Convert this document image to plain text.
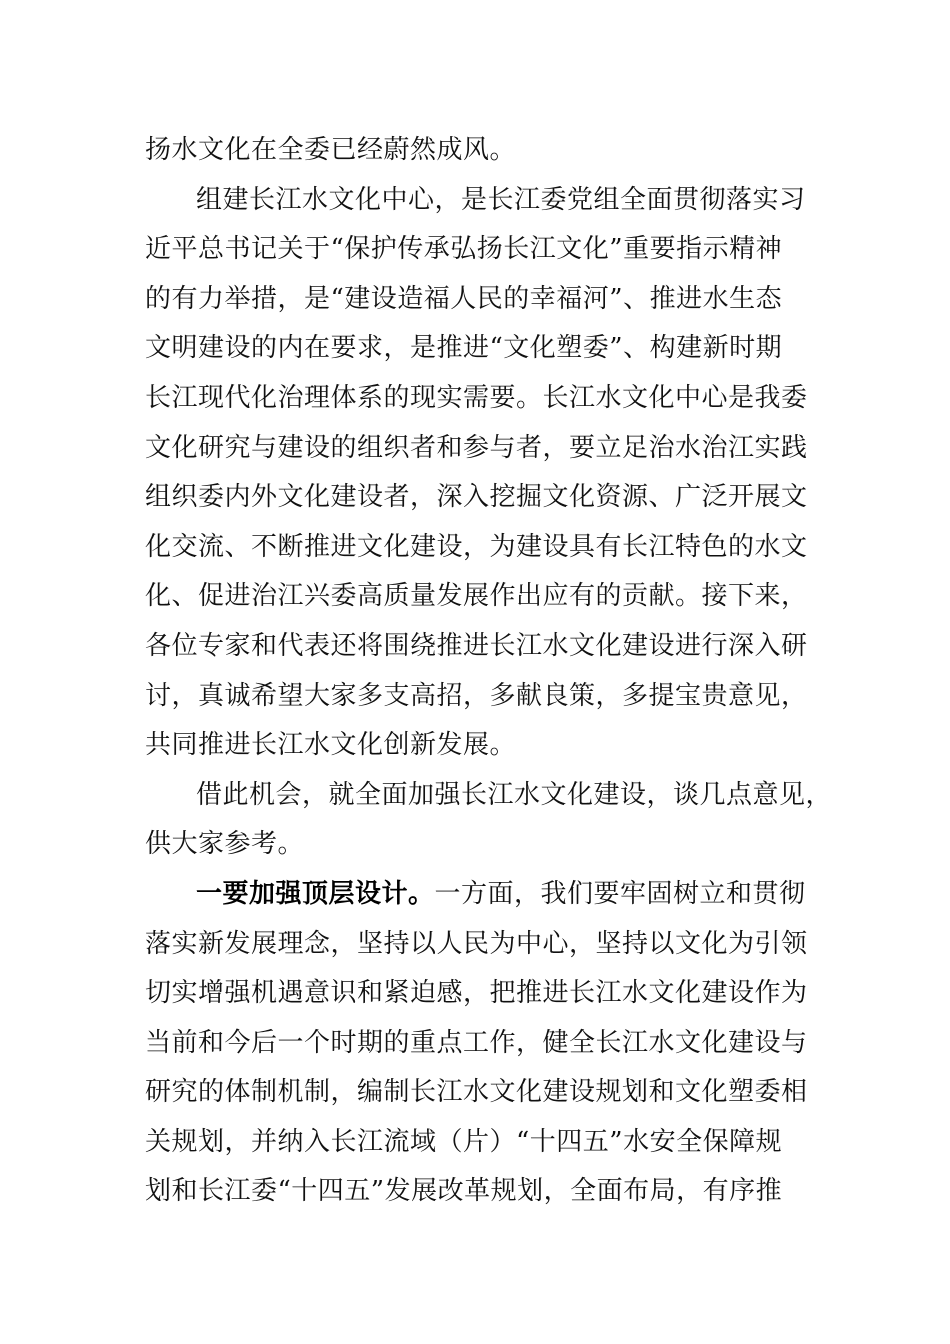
扬水文化在全委已经蔚然成风。
组建长江水文化中心，是长江委党组全面贯彻落实习
近平总书记关于“保护传承弘扬长江文化”重要指示精神
的有力举措，是“建设造福人民的幸福河”、推进水生态
文明建设的内在要求，是推进“文化塑委”、构建新时期
长江现代化治理体系的现实需要。长江水文化中心是我委
文化研究与建设的组织者和参与者，要立足治水治江实践
组织委内外文化建设者，深入挖掘文化资源、广泛开展文
化交流、不断推进文化建设，为建设具有长江特色的水文
化、促进治江兴委高质量发展作出应有的贡献。接下来，
各位专家和代表还将围绕推进长江水文化建设进行深入研
讨，真诚希望大家多支高招，多献良策，多提宝贵意见，
共同推进长江水文化创新发展。
借此机会，就全面加强长江水文化建设，谈几点意见，
供大家参考。
一要加强顶层设计。一方面，我们要牢固树立和贯彻
落实新发展理念，坚持以人民为中心，坚持以文化为引领
切实增强机遇意识和紧迫感，把推进长江水文化建设作为
当前和今后一个时期的重点工作，健全长江水文化建设与
研究的体制机制，编制长江水文化建设规划和文化塑委相
关规划，并纳入长江流域（片）“十四五”水安全保障规
划和长江委“十四五”发展改革规划，全面布局，有序推
